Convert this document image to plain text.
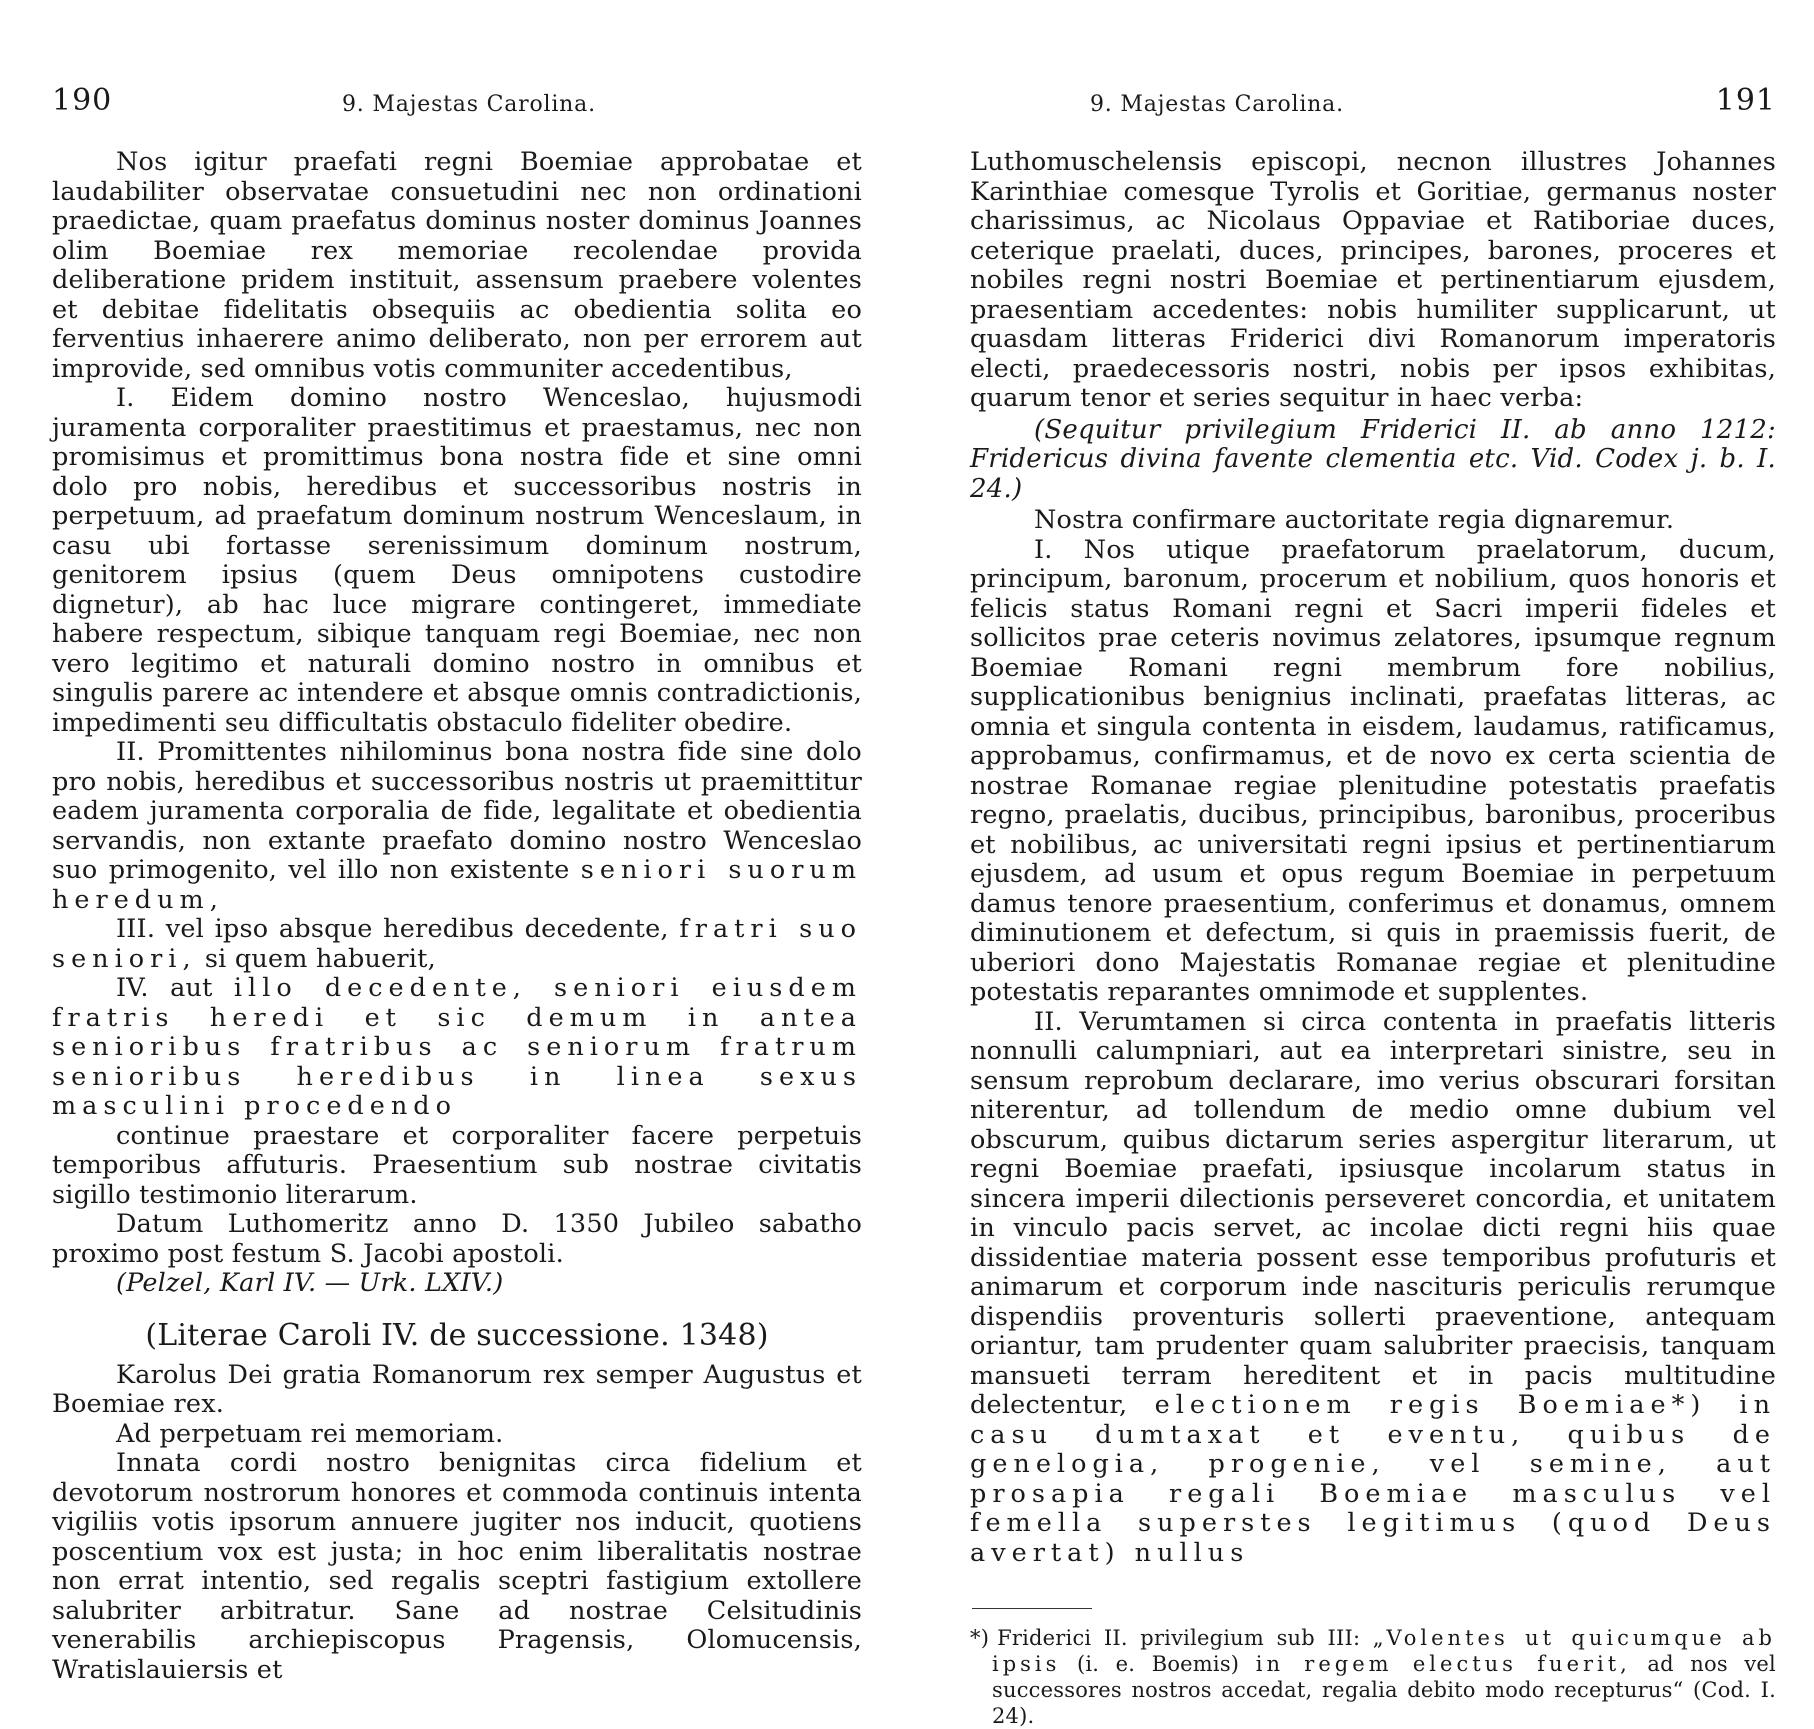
190	9. Majestas Carolina.

Nos igitur praefati regni Boemiae approbatae et laudabiliter observatae consuetudini nec non ordinationi praedictae, quam praefatus dominus noster dominus Joannes olim Boemiae rex memoriae recolendae provida deliberatione pridem instituit, assensum praebere volentes et debitae fidelitatis obsequiis ac obedientia solita eo ferventius inhaerere animo deliberato, non per errorem aut improvide, sed omnibus votis communiter accedentibus,

I. Eidem domino nostro Wenceslao, hujusmodi juramenta corporaliter praestitimus et praestamus, nec non promisimus et promittimus bona nostra fide et sine omni dolo pro nobis, heredibus et successoribus nostris in perpetuum, ad praefatum dominum nostrum Wenceslaum, in casu ubi fortasse serenissimum dominum nostrum, genitorem ipsius (quem Deus omnipotens custodire dignetur), ab hac luce migrare contingeret, immediate habere respectum, sibique tanquam regi Boemiae, nec non vero legitimo et naturali domino nostro in omnibus et singulis parere ac intendere et absque omnis contradictionis, impedimenti seu difficultatis obstaculo fideliter obedire.

II. Promittentes nihilominus bona nostra fide sine dolo pro nobis, heredibus et successoribus nostris ut praemittitur eadem juramenta corporalia de fide, legalitate et obedientia servandis, non extante praefato domino nostro Wenceslao suo primogenito, vel illo non existente seniori suorum heredum,

III. vel ipso absque heredibus decedente, fratri suo seniori, si quem habuerit,

IV. aut illo decedente, seniori eiusdem fratris heredi et sic demum in antea senioribus fratribus ac seniorum fratrum senioribus heredibus in linea sexus masculini procedendo

continue praestare et corporaliter facere perpetuis temporibus affuturis. Praesentium sub nostrae civitatis sigillo testimonio literarum.

Datum Luthomeritz anno D. 1350 Jubileo sabatho proximo post festum S. Jacobi apostoli.

(Pelzel, Karl IV. — Urk. LXIV.)

(Literae Caroli IV. de successione. 1348)

Karolus Dei gratia Romanorum rex semper Augustus et Boemiae rex.

Ad perpetuam rei memoriam.

Innata cordi nostro benignitas circa fidelium et devotorum nostrorum honores et commoda continuis intenta vigiliis votis ipsorum annuere jugiter nos inducit, quotiens poscentium vox est justa; in hoc enim liberalitatis nostrae non errat intentio, sed regalis sceptri fastigium extollere salubriter arbitratur. Sane ad nostrae Celsitudinis venerabilis archiepiscopus Pragensis, Olomucensis, Wratislauiersis et

9. Majestas Carolina.	191

Luthomuschelensis episcopi, necnon illustres Johannes Karinthiae comesque Tyrolis et Goritiae, germanus noster charissimus, ac Nicolaus Oppaviae et Ratiboriae duces, ceterique praelati, duces, principes, barones, proceres et nobiles regni nostri Boemiae et pertinentiarum ejusdem, praesentiam accedentes: nobis humiliter supplicarunt, ut quasdam litteras Friderici divi Romanorum imperatoris electi, praedecessoris nostri, nobis per ipsos exhibitas, quarum tenor et series sequitur in haec verba:

(Sequitur privilegium Friderici II. ab anno 1212: Fridericus divina favente clementia etc. Vid. Codex j. b. I. 24.)

Nostra confirmare auctoritate regia dignaremur.

I. Nos utique praefatorum praelatorum, ducum, principum, baronum, procerum et nobilium, quos honoris et felicis status Romani regni et Sacri imperii fideles et sollicitos prae ceteris novimus zelatores, ipsumque regnum Boemiae Romani regni membrum fore nobilius, supplicationibus benignius inclinati, praefatas litteras, ac omnia et singula contenta in eisdem, laudamus, ratificamus, approbamus, confirmamus, et de novo ex certa scientia de nostrae Romanae regiae plenitudine potestatis praefatis regno, praelatis, ducibus, principibus, baronibus, proceribus et nobilibus, ac universitati regni ipsius et pertinentiarum ejusdem, ad usum et opus regum Boemiae in perpetuum damus tenore praesentium, conferimus et donamus, omnem diminutionem et defectum, si quis in praemissis fuerit, de uberiori dono Majestatis Romanae regiae et plenitudine potestatis reparantes omnimode et supplentes.

II. Verumtamen si circa contenta in praefatis litteris nonnulli calumpniari, aut ea interpretari sinistre, seu in sensum reprobum declarare, imo verius obscurari forsitan niterentur, ad tollendum de medio omne dubium vel obscurum, quibus dictarum series aspergitur literarum, ut regni Boemiae praefati, ipsiusque incolarum status in sincera imperii dilectionis perseveret concordia, et unitatem in vinculo pacis servet, ac incolae dicti regni hiis quae dissidentiae materia possent esse temporibus profuturis et animarum et corporum inde nascituris periculis rerumque dispendiis proventuris sollerti praeventione, antequam oriantur, tam prudenter quam salubriter praecisis, tanquam mansueti terram hereditent et in pacis multitudine delectentur, electionem regis Boemiae*) in casu dumtaxat et eventu, quibus de genelogia, progenie, vel semine, aut prosapia regali Boemiae masculus vel femella superstes legitimus (quod Deus avertat) nullus

*) Friderici II. privilegium sub III: „Volentes ut quicumque ab ipsis (i. e. Boemis) in regem electus fuerit, ad nos vel successores nostros accedat, regalia debito modo recepturus“ (Cod. I. 24).
